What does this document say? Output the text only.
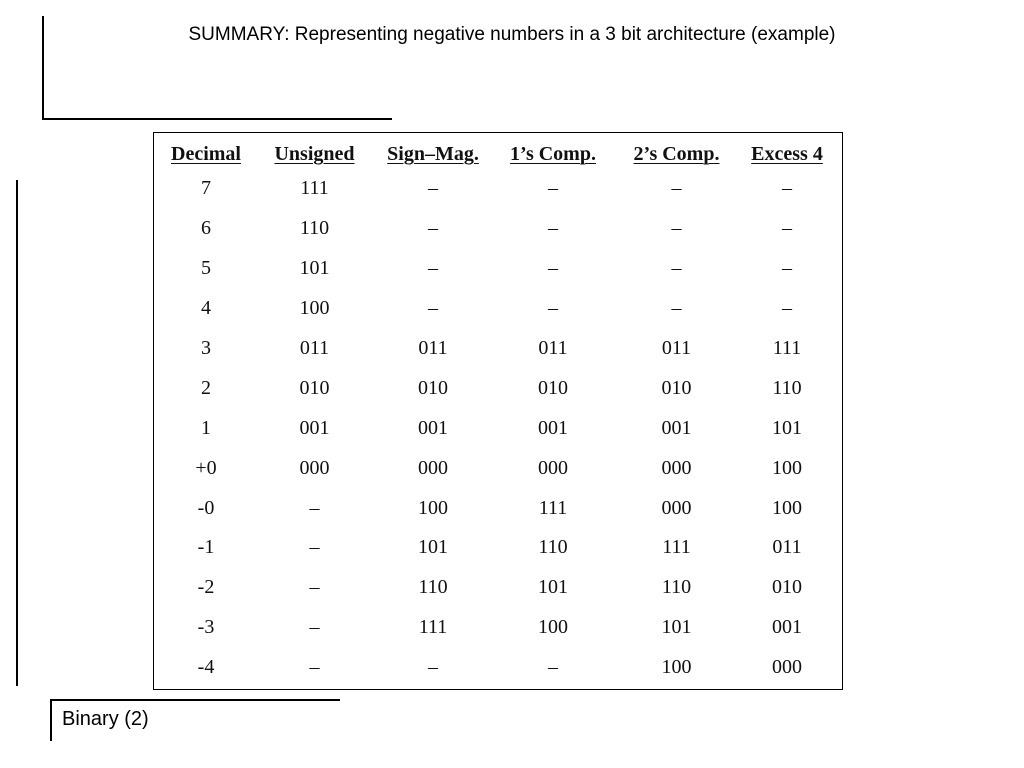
SUMMARY: Representing negative numbers in a 3 bit architecture (example)
Decimal	Unsigned	Sign–Mag.	1’s Comp.	2’s Comp.	Excess 4
7	111	–	–	–	–
6	110	–	–	–	–
5	101	–	–	–	–
4	100	–	–	–	–
3	011	011	011	011	111
2	010	010	010	010	110
1	001	001	001	001	101
+0	000	000	000	000	100
-0	–	100	111	000	100
-1	–	101	110	111	011
-2	–	110	101	110	010
-3	–	111	100	101	001
-4	–	–	–	100	000
Binary (2)
